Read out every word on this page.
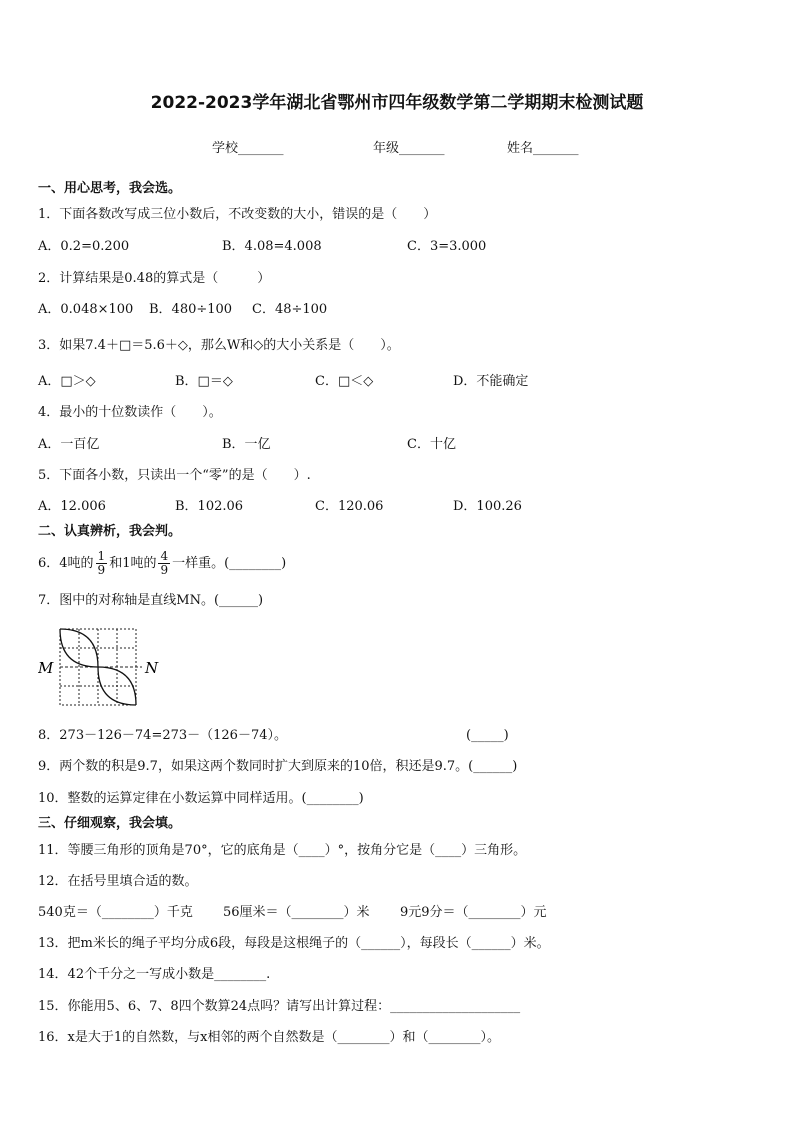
2022-2023学年湖北省鄂州市四年级数学第二学期期末检测试题
学校_______	年级_______	姓名_______
一、用心思考，我会选。
1．下面各数改写成三位小数后，不改变数的大小，错误的是（　　）
A．0.2=0.200	B．4.08=4.008	C．3=3.000
2．计算结果是0.48的算式是（　　　）
A．0.048×100 B．480÷100 C．48÷100
3．如果7.4＋□＝5.6＋◇，那么W和◇的大小关系是（　　）。
A．□＞◇	B．□＝◇	C．□＜◇	D．不能确定
4．最小的十位数读作（　　）。
A．一百亿	B．一亿	C．十亿
5．下面各小数，只读出一个“零”的是（　　）.
A．12.006	B．102.06	C．120.06	D．100.26
二、认真辨析，我会判。
6．4吨的 $\frac{1}{9}$ 和1吨的 $\frac{4}{9}$ 一样重。(________)
7．图中的对称轴是直线MN。(______)
M	N
8．273－126－74=273－（126－74）。	(_____)
9．两个数的积是9.7，如果这两个数同时扩大到原来的10倍，积还是9.7。(______)
10．整数的运算定律在小数运算中同样适用。(________)
三、仔细观察，我会填。
11．等腰三角形的顶角是70°，它的底角是（____）°，按角分它是（____）三角形。
12．在括号里填合适的数。
540克＝（________）千克 56厘米＝（________）米 9元9分＝（________）元
13．把m米长的绳子平均分成6段，每段是这根绳子的（______），每段长（______）米。
14．42个千分之一写成小数是________.
15．你能用5、6、7、8四个数算24点吗？请写出计算过程：____________________
16．x是大于1的自然数，与x相邻的两个自然数是（________）和（________）。
